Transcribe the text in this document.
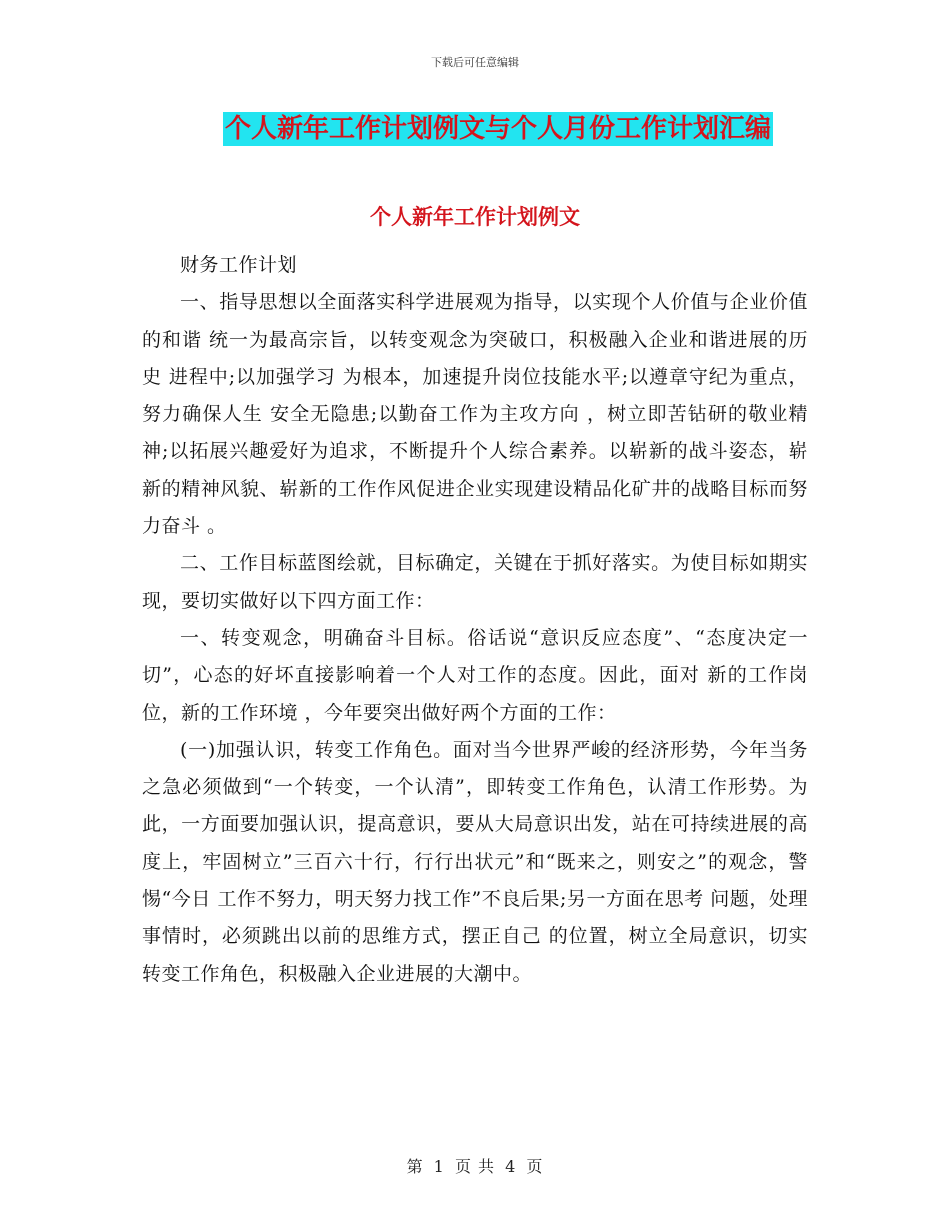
下载后可任意编辑
个人新年工作计划例文与个人月份工作计划汇编
个人新年工作计划例文

财务工作计划

一、指导思想以全面落实科学进展观为指导，以实现个人价值与企业价值的和谐 统一为最高宗旨，以转变观念为突破口，积极融入企业和谐进展的历史 进程中;以加强学习 为根本，加速提升岗位技能水平;以遵章守纪为重点，努力确保人生 安全无隐患;以勤奋工作为主攻方向 ，树立即苦钻研的敬业精神;以拓展兴趣爱好为追求，不断提升个人综合素养。以崭新的战斗姿态，崭新的精神风貌、崭新的工作作风促进企业实现建设精品化矿井的战略目标而努力奋斗 。

二、工作目标蓝图绘就，目标确定，关键在于抓好落实。为使目标如期实现，要切实做好以下四方面工作：

一、转变观念，明确奋斗目标。俗话说“意识反应态度”、“态度决定一切”，心态的好坏直接影响着一个人对工作的态度。因此，面对 新的工作岗位，新的工作环境 ，今年要突出做好两个方面的工作：

(一)加强认识，转变工作角色。面对当今世界严峻的经济形势，今年当务之急必须做到“一个转变，一个认清”，即转变工作角色，认清工作形势。为此，一方面要加强认识，提高意识，要从大局意识出发，站在可持续进展的高度上，牢固树立”三百六十行，行行出状元”和“既来之，则安之”的观念，警惕“今日 工作不努力，明天努力找工作”不良后果;另一方面在思考 问题，处理事情时，必须跳出以前的思维方式，摆正自己 的位置，树立全局意识，切实转变工作角色，积极融入企业进展的大潮中。

第 1 页 共 4 页
